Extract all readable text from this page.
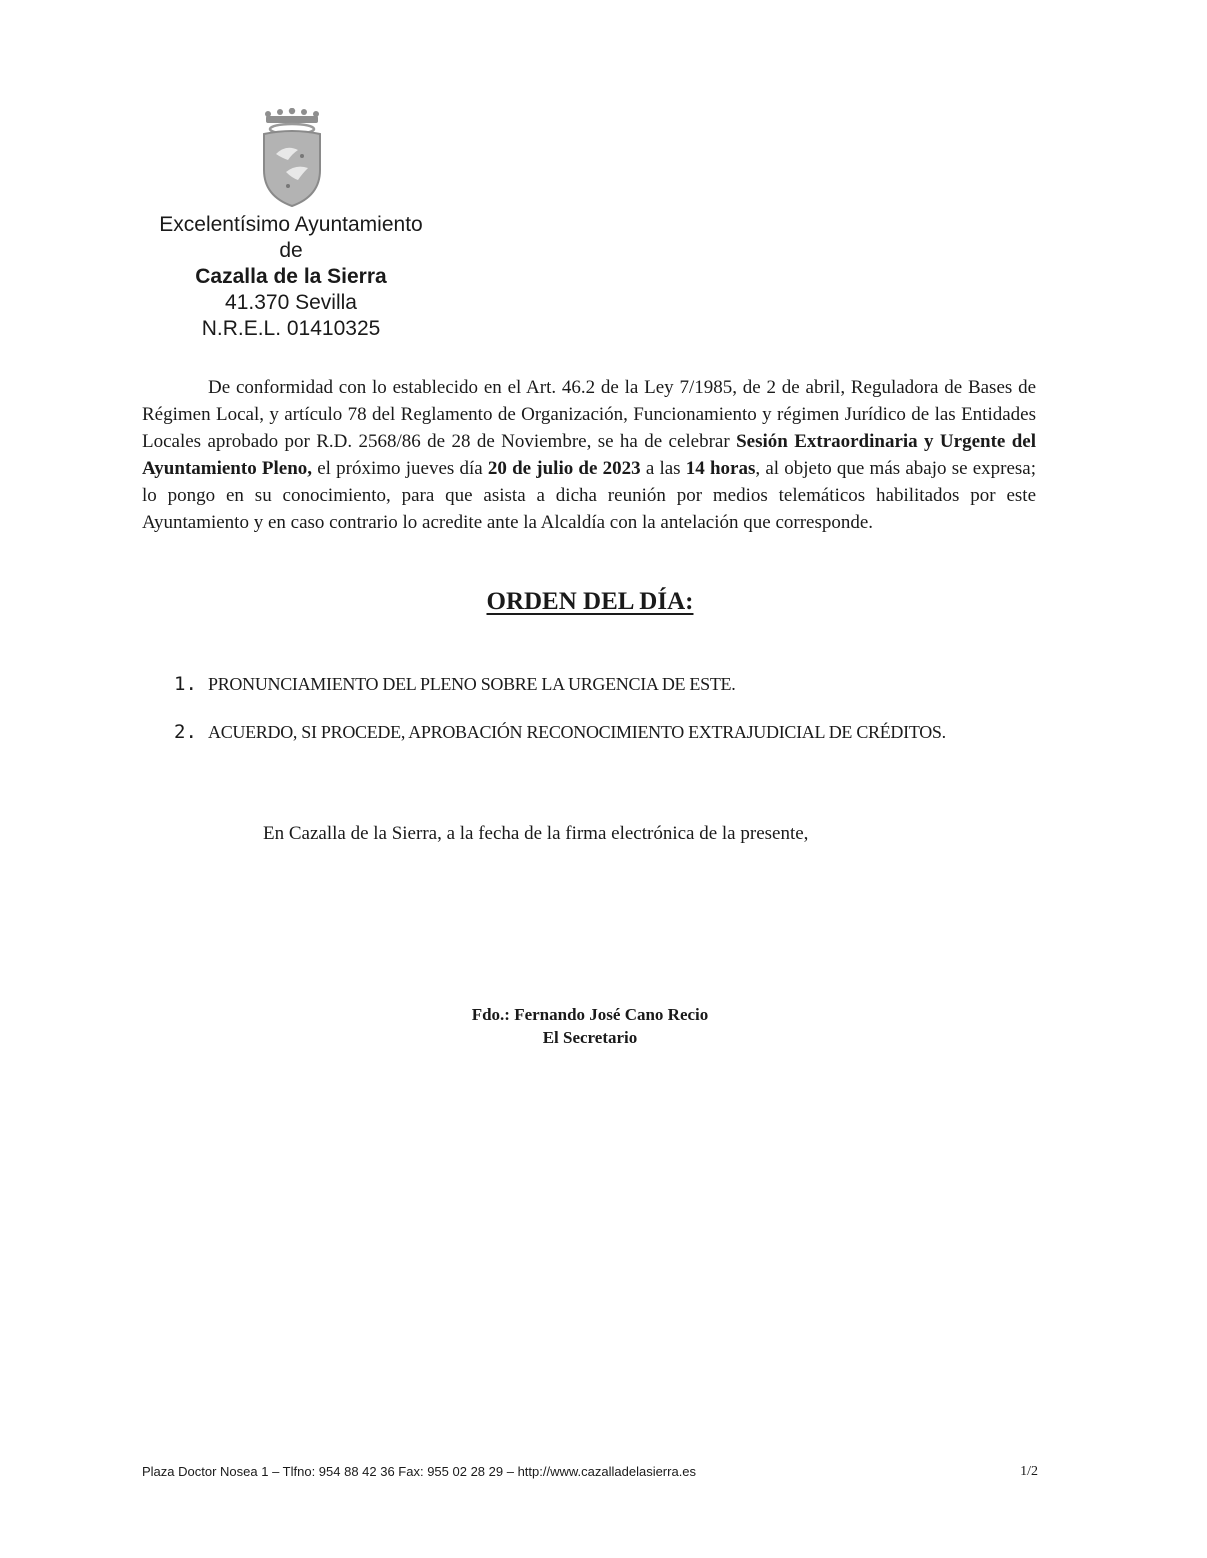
Excelentísimo Ayuntamiento
de
Cazalla de la Sierra
41.370 Sevilla
N.R.E.L. 01410325

De conformidad con lo establecido en el Art. 46.2 de la Ley 7/1985, de 2 de abril, Reguladora de Bases de Régimen Local, y artículo 78 del Reglamento de Organización, Funcionamiento y régimen Jurídico de las Entidades Locales aprobado por R.D. 2568/86 de 28 de Noviembre, se ha de celebrar Sesión Extraordinaria y Urgente del Ayuntamiento Pleno, el próximo jueves día 20 de julio de 2023 a las 14 horas, al objeto que más abajo se expresa; lo pongo en su conocimiento, para que asista a dicha reunión por medios telemáticos habilitados por este Ayuntamiento y en caso contrario lo acredite ante la Alcaldía con la antelación que corresponde.

ORDEN DEL DÍA:
1. PRONUNCIAMIENTO DEL PLENO SOBRE LA URGENCIA DE ESTE.
2. ACUERDO, SI PROCEDE, APROBACIÓN RECONOCIMIENTO EXTRAJUDICIAL DE CRÉDITOS.
En Cazalla de la Sierra, a la fecha de la firma electrónica de la presente,
Fdo.: Fernando José Cano Recio
El Secretario
Plaza Doctor Nosea 1 – Tlfno: 954 88 42 36 Fax: 955 02 28 29 – http://www.cazalladelasierra.es	1/2
